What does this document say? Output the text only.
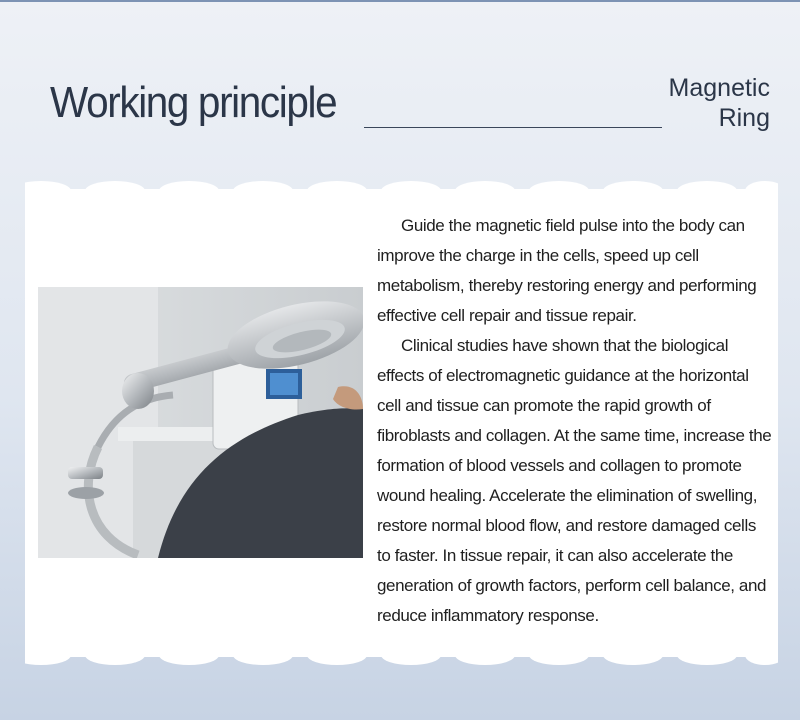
Working principle	Magnetic
Ring

Guide the magnetic field pulse into the body can improve the charge in the cells, speed up cell metabolism, thereby restoring energy and performing effective cell repair and tissue repair.

Clinical studies have shown that the biological effects of electromagnetic guidance at the horizontal cell and tissue can promote the rapid growth of fibroblasts and collagen. At the same time, increase the formation of blood vessels and collagen to promote wound healing. Accelerate the elimination of swelling, restore normal blood flow, and restore damaged cells to faster. In tissue repair, it can also accelerate the generation of growth factors, perform cell balance, and reduce inflammatory response.
